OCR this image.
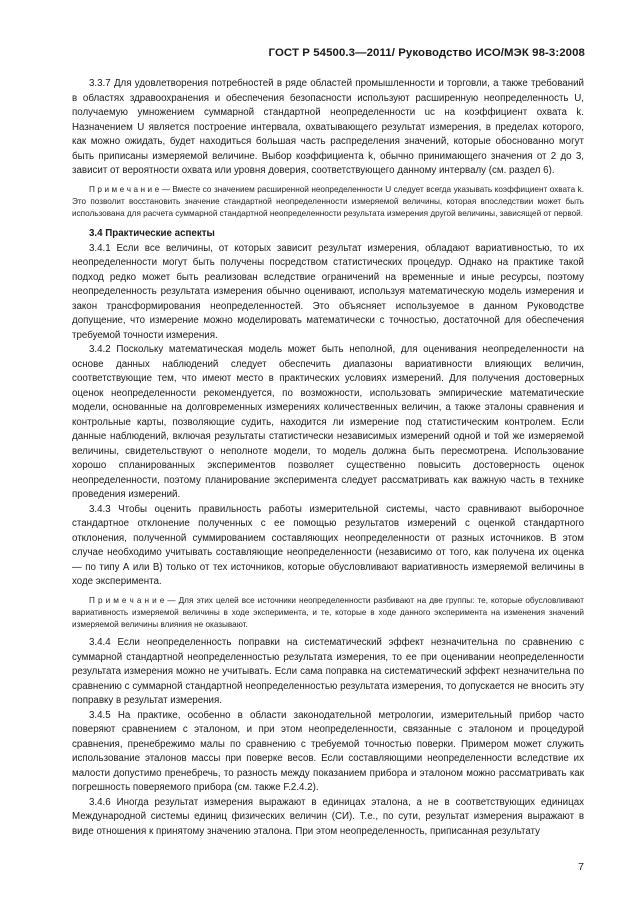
ГОСТ Р 54500.3—2011/ Руководство ИСО/МЭК 98-3:2008

3.3.7 Для удовлетворения потребностей в ряде областей промышленности и торговли, а также требований в областях здравоохранения и обеспечения безопасности используют расширенную неопределенность U, получаемую умножением суммарной стандартной неопределенности uc на коэффициент охвата k. Назначением U является построение интервала, охватывающего результат измерения, в пределах которого, как можно ожидать, будет находиться большая часть распределения значений, которые обоснованно могут быть приписаны измеряемой величине. Выбор коэффициента k, обычно принимающего значения от 2 до 3, зависит от вероятности охвата или уровня доверия, соответствующего данному интервалу (см. раздел 6).

П р и м е ч а н и е — Вместе со значением расширенной неопределенности U следует всегда указывать коэффициент охвата k. Это позволит восстановить значение стандартной неопределенности измеряемой величины, которая впоследствии может быть использована для расчета суммарной стандартной неопределенности результата измерения другой величины, зависящей от первой.

3.4 Практические аспекты

3.4.1 Если все величины, от которых зависит результат измерения, обладают вариативностью, то их неопределенности могут быть получены посредством статистических процедур. Однако на практике такой подход редко может быть реализован вследствие ограничений на временные и иные ресурсы, поэтому неопределенность результата измерения обычно оценивают, используя математическую модель измерения и закон трансформирования неопределенностей. Это объясняет используемое в данном Руководстве допущение, что измерение можно моделировать математически с точностью, достаточной для обеспечения требуемой точности измерения.

3.4.2 Поскольку математическая модель может быть неполной, для оценивания неопределенности на основе данных наблюдений следует обеспечить диапазоны вариативности влияющих величин, соответствующие тем, что имеют место в практических условиях измерений. Для получения достоверных оценок неопределенности рекомендуется, по возможности, использовать эмпирические математические модели, основанные на долговременных измерениях количественных величин, а также эталоны сравнения и контрольные карты, позволяющие судить, находится ли измерение под статистическим контролем. Если данные наблюдений, включая результаты статистически независимых измерений одной и той же измеряемой величины, свидетельствуют о неполноте модели, то модель должна быть пересмотрена. Использование хорошо спланированных экспериментов позволяет существенно повысить достоверность оценок неопределенности, поэтому планирование эксперимента следует рассматривать как важную часть в технике проведения измерений.

3.4.3 Чтобы оценить правильность работы измерительной системы, часто сравнивают выборочное стандартное отклонение полученных с ее помощью результатов измерений с оценкой стандартного отклонения, полученной суммированием составляющих неопределенности от разных источников. В этом случае необходимо учитывать составляющие неопределенности (независимо от того, как получена их оценка — по типу А или В) только от тех источников, которые обусловливают вариативность измеряемой величины в ходе эксперимента.

П р и м е ч а н и е — Для этих целей все источники неопределенности разбивают на две группы: те, которые обусловливают вариативность измеряемой величины в ходе эксперимента, и те, которые в ходе данного эксперимента на изменения значений измеряемой величины влияния не оказывают.

3.4.4 Если неопределенность поправки на систематический эффект незначительна по сравнению с суммарной стандартной неопределенностью результата измерения, то ее при оценивании неопределенности результата измерения можно не учитывать. Если сама поправка на систематический эффект незначительна по сравнению с суммарной стандартной неопределенностью результата измерения, то допускается не вносить эту поправку в результат измерения.

3.4.5 На практике, особенно в области законодательной метрологии, измерительный прибор часто поверяют сравнением с эталоном, и при этом неопределенности, связанные с эталоном и процедурой сравнения, пренебрежимо малы по сравнению с требуемой точностью поверки. Примером может служить использование эталонов массы при поверке весов. Если составляющими неопределенности вследствие их малости допустимо пренебречь, то разность между показанием прибора и эталоном можно рассматривать как погрешность поверяемого прибора (см. также F.2.4.2).

3.4.6 Иногда результат измерения выражают в единицах эталона, а не в соответствующих единицах Международной системы единиц физических величин (СИ). Т.е., по сути, результат измерения выражают в виде отношения к принятому значению эталона. При этом неопределенность, приписанная результату

7
